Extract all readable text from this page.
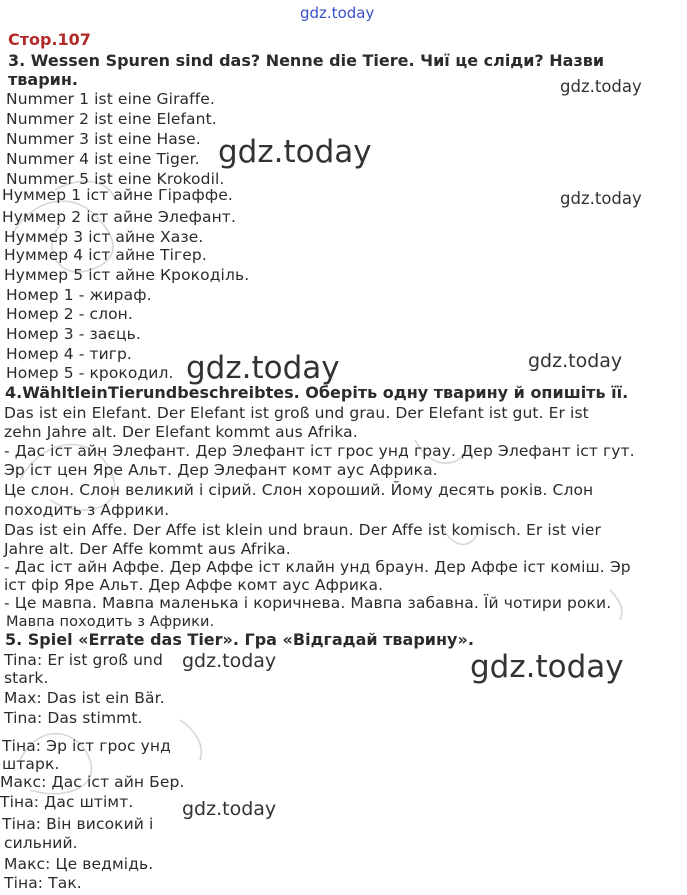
gdz.today
Стор.107
3. Wessen Spuren sind das? Nenne die Tiere. Чиї це сліди? Назви
тварин.
Nummer 1 ist eine Giraffe.
Nummer 2 ist eine Elefant.
Nummer 3 ist eine Hase.
Nummer 4 ist eine Tiger.
Nummer 5 ist eine Krokodil.
Нуммер 1 іст айне Гіраффе.
Нуммер 2 іст айне Элефант.
Нуммер 3 іст айне Хазе.
Нуммер 4 іст айне Тігер.
Нуммер 5 іст айне Крокоділь.
Номер 1 - жираф.
Номер 2 - слон.
Номер 3 - заєць.
Номер 4 - тигр.
Номер 5 - крокодил.
4.WähltleinTierundbeschreibtes. Оберіть одну тварину й опишіть її.
Das ist ein Elefant. Der Elefant ist groß und grau. Der Elefant ist gut. Er ist
zehn Jahre alt. Der Elefant kommt aus Afrika.
- Дас іст айн Элефант. Дер Элефант іст грос унд грау. Дер Элефант іст гут.
Эр іст цен Яре Альт. Дер Элефант комт аус Африка.
Це слон. Слон великий і сірий. Слон хороший. Йому десять років. Слон
походить з Африки.
Das ist ein Affe. Der Affe ist klein und braun. Der Affe ist komisch. Er ist vier
Jahre alt. Der Affe kommt aus Afrika.
- Дас іст айн Аффе. Дер Аффе іст клайн унд браун. Дер Аффе іст коміш. Эр
іст фір Яре Альт. Дер Аффе комт аус Африка.
- Це мавпа. Мавпа маленька і коричнева. Мавпа забавна. Їй чотири роки.
Мавпа походить з Африки.
5. Spiel «Errate das Tier». Гра «Відгадай тварину».
Tina: Er ist groß und
stark.
Max: Das ist ein Bär.
Tina: Das stimmt.
Тіна: Эр іст грос унд
штарк.
Макс: Дас іст айн Бер.
Тіна: Дас штімт.
Тіна: Він високий і
сильний.
Макс: Це ведмідь.
Тіна: Так.
gdz.today
gdz.today
gdz.today
gdz.today	gdz.today
gdz.today	gdz.today
gdz.today
